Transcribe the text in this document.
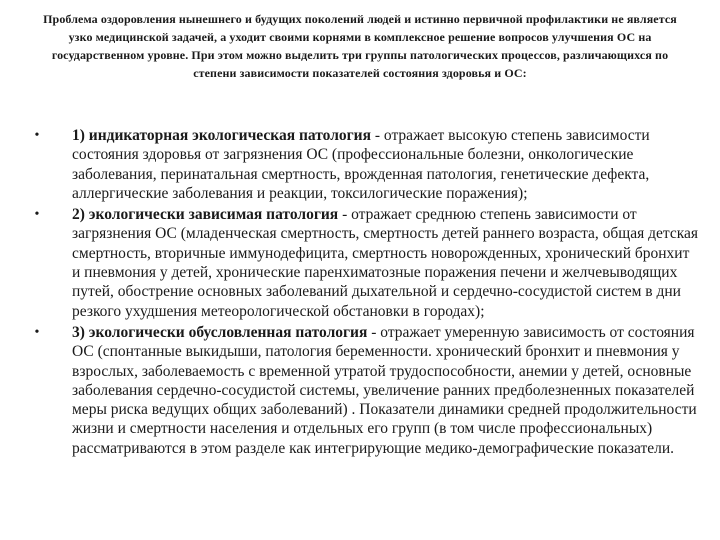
Проблема оздоровления нынешнего и будущих поколений людей и истинно первичной профилактики не является узко медицинской задачей, а уходит своими корнями в комплексное решение вопросов улучшения ОС на государственном уровне. При этом можно выделить три группы патологических процессов, различающихся по степени зависимости показателей состояния здоровья и ОС:
• 1) индикаторная экологическая патология - отражает высокую степень зависимости состояния здоровья от загрязнения ОС (профессиональные болезни, онкологические заболевания, перинатальная смертность, врожденная патология, генетические дефекта, аллергические заболевания и реакции, токсилогические поражения);
• 2) экологически зависимая патология - отражает среднюю степень зависимости от загрязнения ОС (младенческая смертность, смертность детей раннего возраста, общая детская смертность, вторичные иммунодефицита, смертность новорожденных, хронический бронхит и пневмония у детей, хронические паренхиматозные поражения печени и желчевыводящих путей, обострение основных заболеваний дыхательной и сердечно-сосудистой систем в дни резкого ухудшения метеорологической обстановки в городах);
• 3) экологически обусловленная патология - отражает умеренную зависимость от состояния ОС (спонтанные выкидыши, патология беременности. хронический бронхит и пневмония у взрослых, заболеваемость с временной утратой трудоспособности, анемии у детей, основные заболевания сердечно-сосудистой системы, увеличение ранних предболезненных показателей меры риска ведущих общих заболеваний) . Показатели динамики средней продолжительности жизни и смертности населения и отдельных его групп (в том числе профессиональных) рассматриваются в этом разделе как интегрирующие медико-демографические показатели.
